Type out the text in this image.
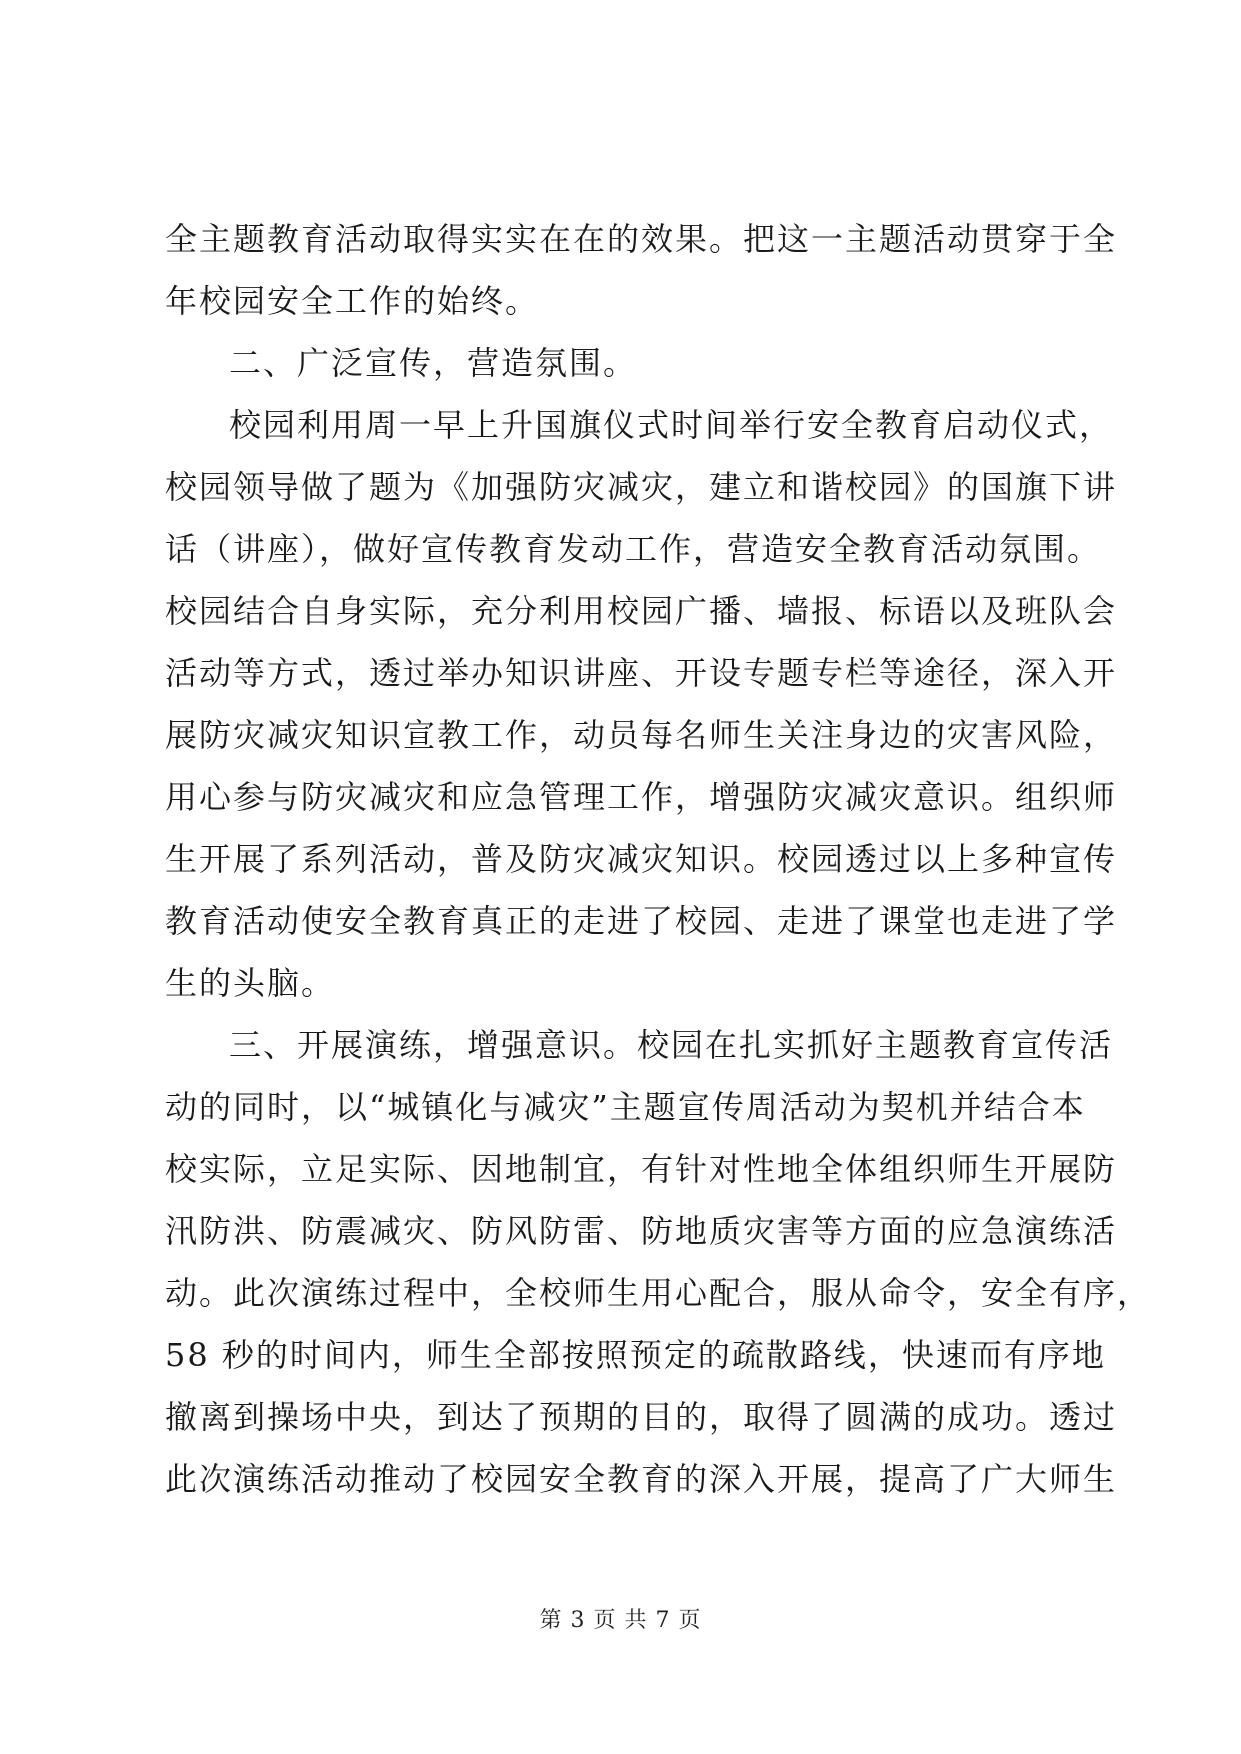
全主题教育活动取得实实在在的效果。把这一主题活动贯穿于全
年校园安全工作的始终。
二、广泛宣传，营造氛围。
校园利用周一早上升国旗仪式时间举行安全教育启动仪式，
校园领导做了题为《加强防灾减灾，建立和谐校园》的国旗下讲
话（讲座），做好宣传教育发动工作，营造安全教育活动氛围。
校园结合自身实际，充分利用校园广播、墙报、标语以及班队会
活动等方式，透过举办知识讲座、开设专题专栏等途径，深入开
展防灾减灾知识宣教工作，动员每名师生关注身边的灾害风险，
用心参与防灾减灾和应急管理工作，增强防灾减灾意识。组织师
生开展了系列活动，普及防灾减灾知识。校园透过以上多种宣传
教育活动使安全教育真正的走进了校园、走进了课堂也走进了学
生的头脑。
三、开展演练，增强意识。校园在扎实抓好主题教育宣传活
动的同时，以“城镇化与减灾”主题宣传周活动为契机并结合本
校实际，立足实际、因地制宜，有针对性地全体组织师生开展防
汛防洪、防震减灾、防风防雷、防地质灾害等方面的应急演练活
动。此次演练过程中，全校师生用心配合，服从命令，安全有序，
58 秒的时间内，师生全部按照预定的疏散路线，快速而有序地
撤离到操场中央，到达了预期的目的，取得了圆满的成功。透过
此次演练活动推动了校园安全教育的深入开展，提高了广大师生
第 3 页 共 7 页
